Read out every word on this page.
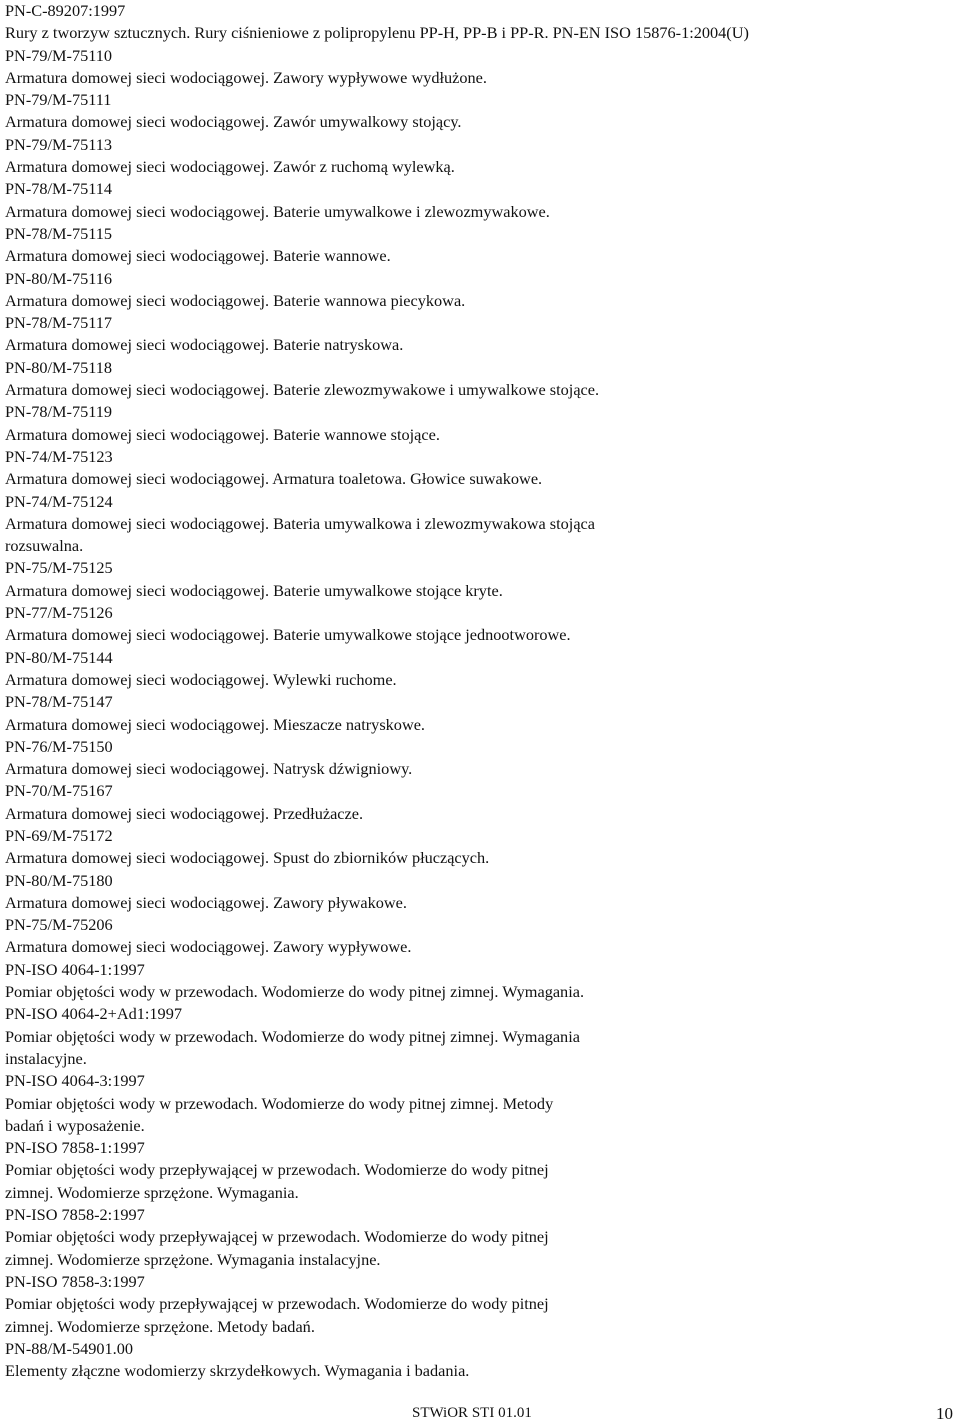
PN-C-89207:1997

Rury z tworzyw sztucznych. Rury ciśnieniowe z polipropylenu PP-H, PP-B i PP-R. PN-EN ISO 15876-1:2004(U)

PN-79/M-75110

Armatura domowej sieci wodociągowej. Zawory wypływowe wydłużone.

PN-79/M-75111

Armatura domowej sieci wodociągowej. Zawór umywalkowy stojący.

PN-79/M-75113

Armatura domowej sieci wodociągowej. Zawór z ruchomą wylewką.

PN-78/M-75114

Armatura domowej sieci wodociągowej. Baterie umywalkowe i zlewozmywakowe.

PN-78/M-75115

Armatura domowej sieci wodociągowej. Baterie wannowe.

PN-80/M-75116

Armatura domowej sieci wodociągowej. Baterie wannowa piecykowa.

PN-78/M-75117

Armatura domowej sieci wodociągowej. Baterie natryskowa.

PN-80/M-75118

Armatura domowej sieci wodociągowej. Baterie zlewozmywakowe i umywalkowe stojące.

PN-78/M-75119

Armatura domowej sieci wodociągowej. Baterie wannowe stojące.

PN-74/M-75123

Armatura domowej sieci wodociągowej. Armatura toaletowa. Głowice suwakowe.

PN-74/M-75124

Armatura domowej sieci wodociągowej. Bateria umywalkowa i zlewozmywakowa stojąca

rozsuwalna.

PN-75/M-75125

Armatura domowej sieci wodociągowej. Baterie umywalkowe stojące kryte.

PN-77/M-75126

Armatura domowej sieci wodociągowej. Baterie umywalkowe stojące jednootworowe.

PN-80/M-75144

Armatura domowej sieci wodociągowej. Wylewki ruchome.

PN-78/M-75147

Armatura domowej sieci wodociągowej. Mieszacze natryskowe.

PN-76/M-75150

Armatura domowej sieci wodociągowej. Natrysk dźwigniowy.

PN-70/M-75167

Armatura domowej sieci wodociągowej. Przedłużacze.

PN-69/M-75172

Armatura domowej sieci wodociągowej. Spust do zbiorników płuczących.

PN-80/M-75180

Armatura domowej sieci wodociągowej. Zawory pływakowe.

PN-75/M-75206

Armatura domowej sieci wodociągowej. Zawory wypływowe.

PN-ISO 4064-1:1997

Pomiar objętości wody w przewodach. Wodomierze do wody pitnej zimnej. Wymagania.

PN-ISO 4064-2+Ad1:1997

Pomiar objętości wody w przewodach. Wodomierze do wody pitnej zimnej. Wymagania

instalacyjne.

PN-ISO 4064-3:1997

Pomiar objętości wody w przewodach. Wodomierze do wody pitnej zimnej. Metody

badań i wyposażenie.

PN-ISO 7858-1:1997

Pomiar objętości wody przepływającej w przewodach. Wodomierze do wody pitnej

zimnej. Wodomierze sprzężone. Wymagania.

PN-ISO 7858-2:1997

Pomiar objętości wody przepływającej w przewodach. Wodomierze do wody pitnej

zimnej. Wodomierze sprzężone. Wymagania instalacyjne.

PN-ISO 7858-3:1997

Pomiar objętości wody przepływającej w przewodach. Wodomierze do wody pitnej

zimnej. Wodomierze sprzężone. Metody badań.

PN-88/M-54901.00

Elementy złączne wodomierzy skrzydełkowych. Wymagania i badania.

STWiOR STI 01.01	10
